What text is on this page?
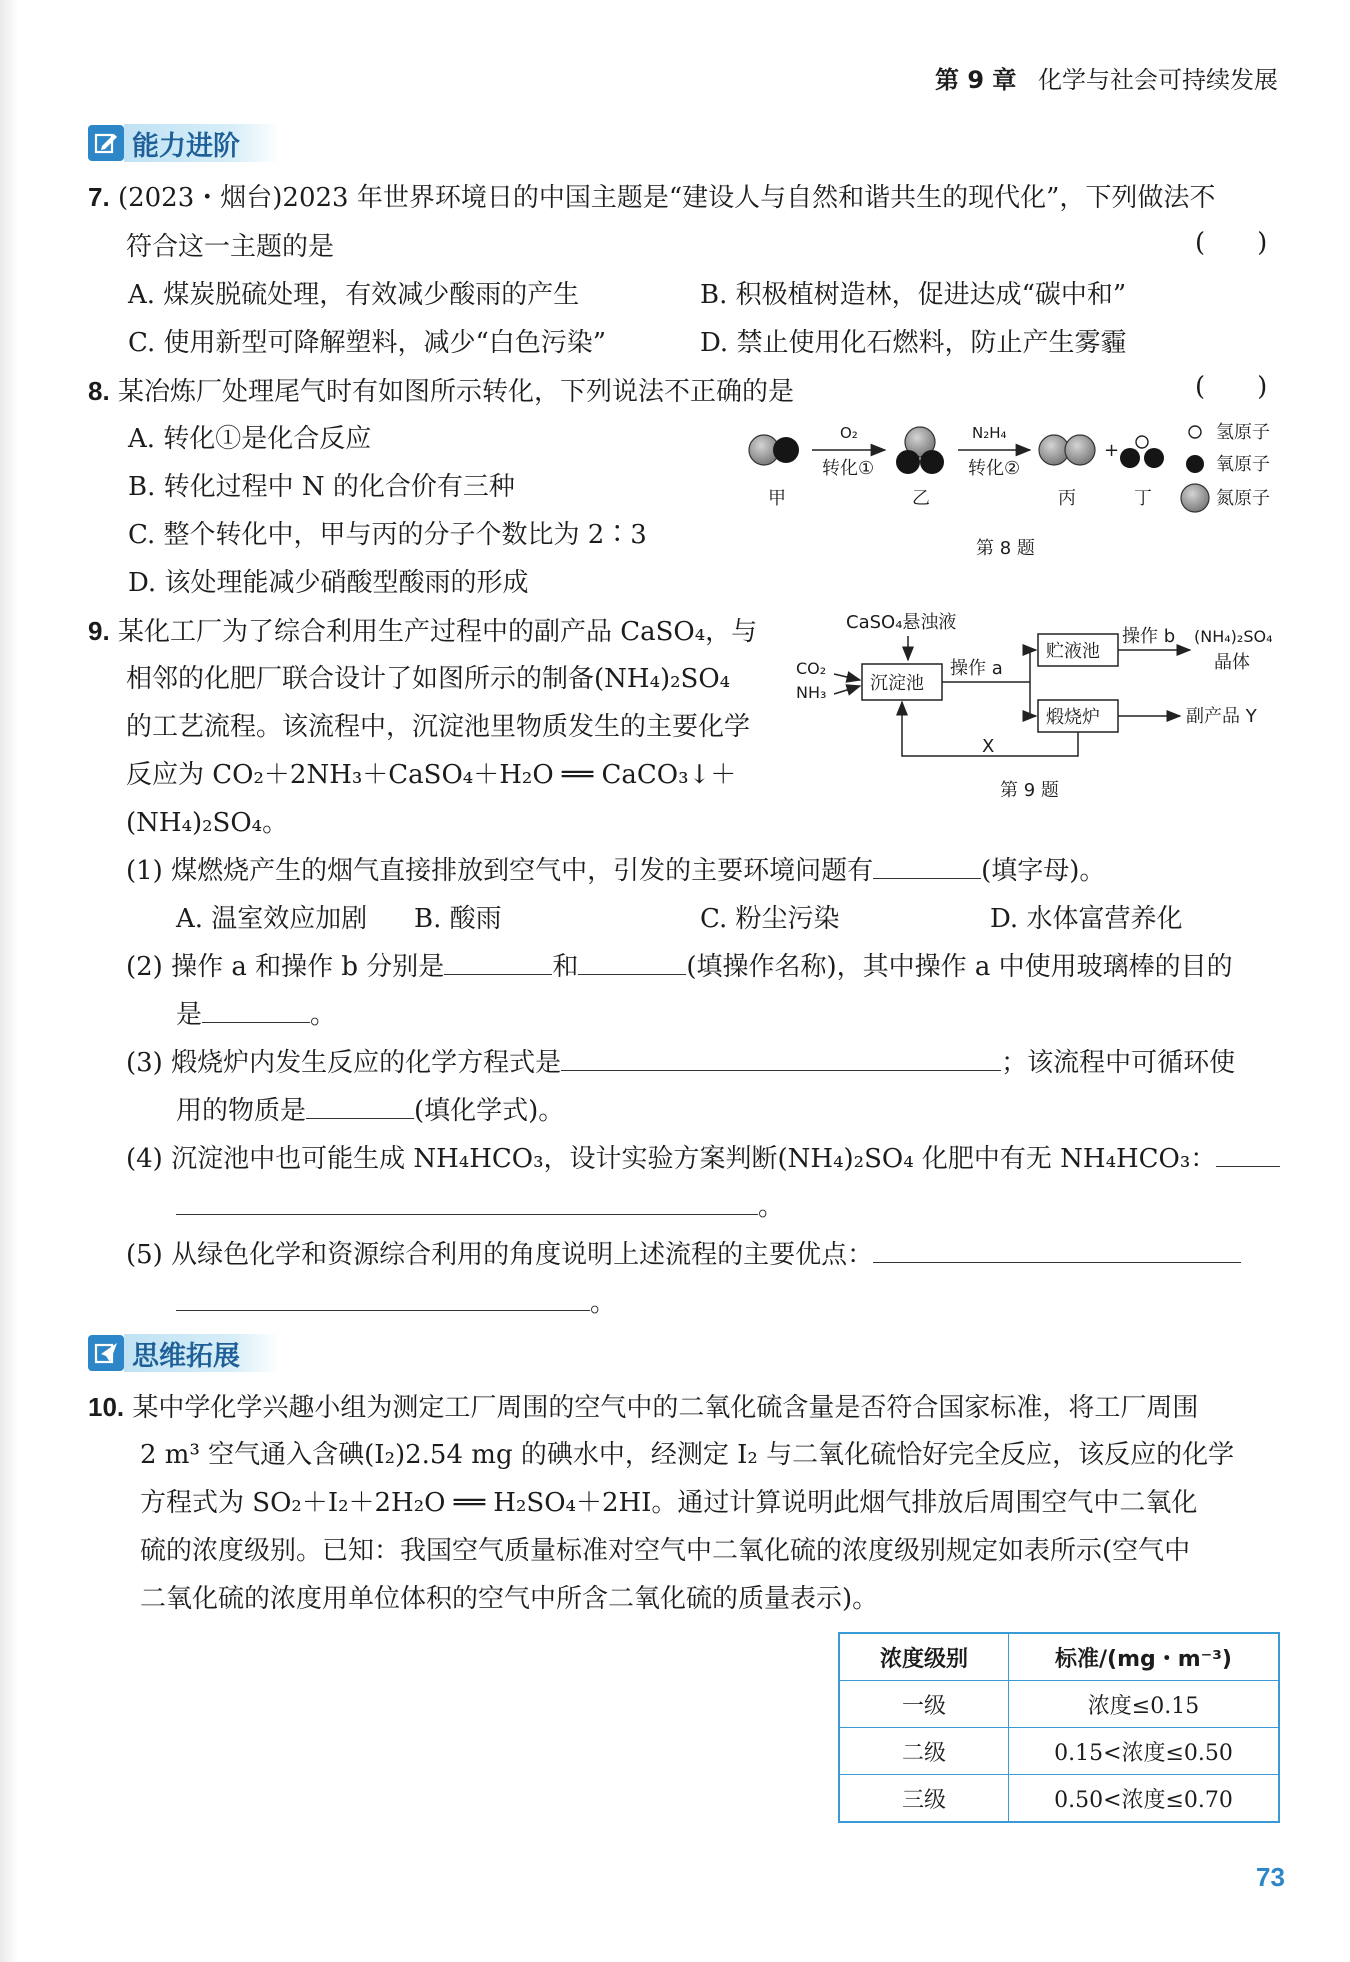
第 9 章 化学与社会可持续发展
能力进阶
7. (2023・烟台)2023 年世界环境日的中国主题是“建设人与自然和谐共生的现代化”，下列做法不
符合这一主题的是	(　　)
A. 煤炭脱硫处理，有效减少酸雨的产生	B. 积极植树造林，促进达成“碳中和”
C. 使用新型可降解塑料，减少“白色污染”	D. 禁止使用化石燃料，防止产生雾霾
8. 某冶炼厂处理尾气时有如图所示转化，下列说法不正确的是	(　　)
A. 转化①是化合反应
B. 转化过程中 N 的化合价有三种
C. 整个转化中，甲与丙的分子个数比为 2∶3
D. 该处理能减少硝酸型酸雨的形成
O₂
转化①
N₂H₄
转化②
+
甲	乙	丙	丁
氢原子
氧原子
氮原子
第 8 题
9. 某化工厂为了综合利用生产过程中的副产品 CaSO₄，与
相邻的化肥厂联合设计了如图所示的制备(NH₄)₂SO₄
的工艺流程。该流程中，沉淀池里物质发生的主要化学
反应为 CO₂＋2NH₃＋CaSO₄＋H₂O ══ CaCO₃↓＋
(NH₄)₂SO₄。
CaSO₄悬浊液
CO₂
NH₃ 沉淀池
操作 a
贮液池
操作 b (NH₄)₂SO₄
晶体
煅烧炉	副产品 Y
X
第 9 题
(1) 煤燃烧产生的烟气直接排放到空气中，引发的主要环境问题有	(填字母)。
A. 温室效应加剧 B. 酸雨	C. 粉尘污染	D. 水体富营养化
(2) 操作 a 和操作 b 分别是	和	(填操作名称)，其中操作 a 中使用玻璃棒的目的
是	。
(3) 煅烧炉内发生反应的化学方程式是	；该流程中可循环使
用的物质是	(填化学式)。
(4) 沉淀池中也可能生成 NH₄HCO₃，设计实验方案判断(NH₄)₂SO₄ 化肥中有无 NH₄HCO₃：
。
(5) 从绿色化学和资源综合利用的角度说明上述流程的主要优点：
。
思维拓展
10. 某中学化学兴趣小组为测定工厂周围的空气中的二氧化硫含量是否符合国家标准，将工厂周围
2 m³ 空气通入含碘(I₂)2.54 mg 的碘水中，经测定 I₂ 与二氧化硫恰好完全反应，该反应的化学
方程式为 SO₂＋I₂＋2H₂O ══ H₂SO₄＋2HI。通过计算说明此烟气排放后周围空气中二氧化
硫的浓度级别。已知：我国空气质量标准对空气中二氧化硫的浓度级别规定如表所示(空气中
二氧化硫的浓度用单位体积的空气中所含二氧化硫的质量表示)。
浓度级别	标准/(mg・m⁻³)
一级	浓度≤0.15
二级	0.15<浓度≤0.50
三级	0.50<浓度≤0.70
73
